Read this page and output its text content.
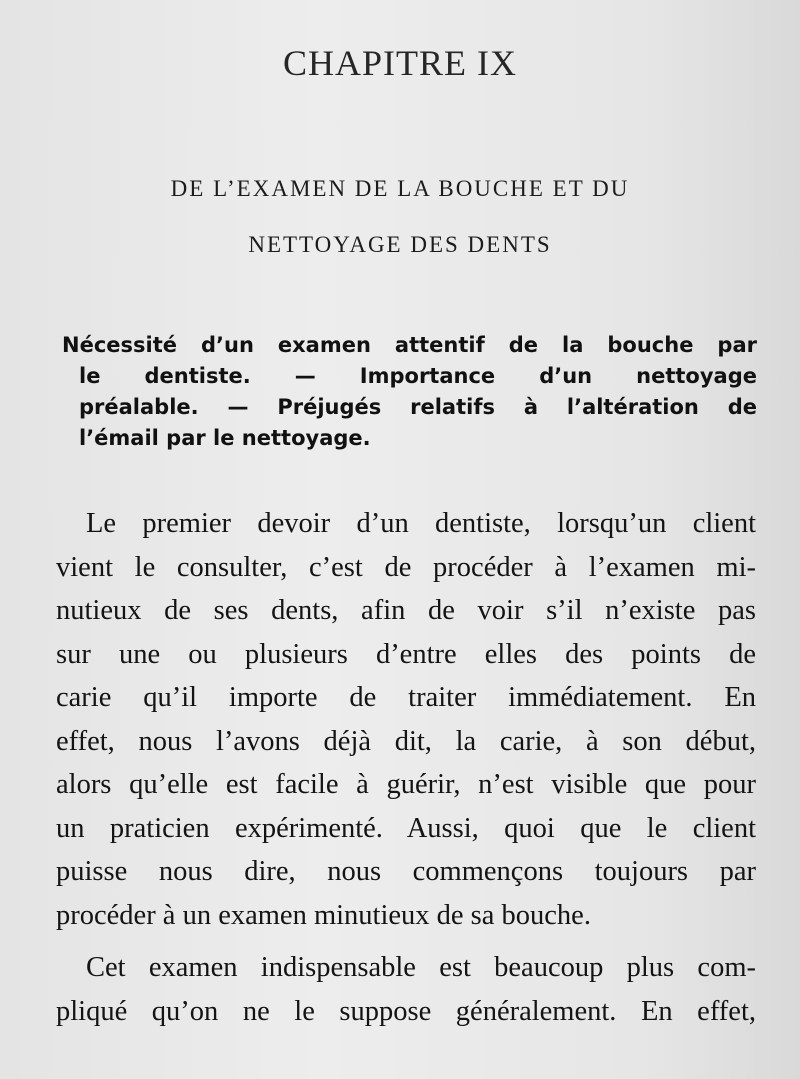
CHAPITRE IX
DE L’EXAMEN DE LA BOUCHE ET DU
NETTOYAGE DES DENTS
Nécessité d’un examen attentif de la bouche par
le dentiste. — Importance d’un nettoyage
préalable. — Préjugés relatifs à l’altération de
l’émail par le nettoyage.
Le premier devoir d’un dentiste, lorsqu’un client
vient le consulter, c’est de procéder à l’examen mi-
nutieux de ses dents, afin de voir s’il n’existe pas
sur une ou plusieurs d’entre elles des points de
carie qu’il importe de traiter immédiatement. En
effet, nous l’avons déjà dit, la carie, à son début,
alors qu’elle est facile à guérir, n’est visible que pour
un praticien expérimenté. Aussi, quoi que le client
puisse nous dire, nous commençons toujours par
procéder à un examen minutieux de sa bouche.
Cet examen indispensable est beaucoup plus com-
pliqué qu’on ne le suppose généralement. En effet,
